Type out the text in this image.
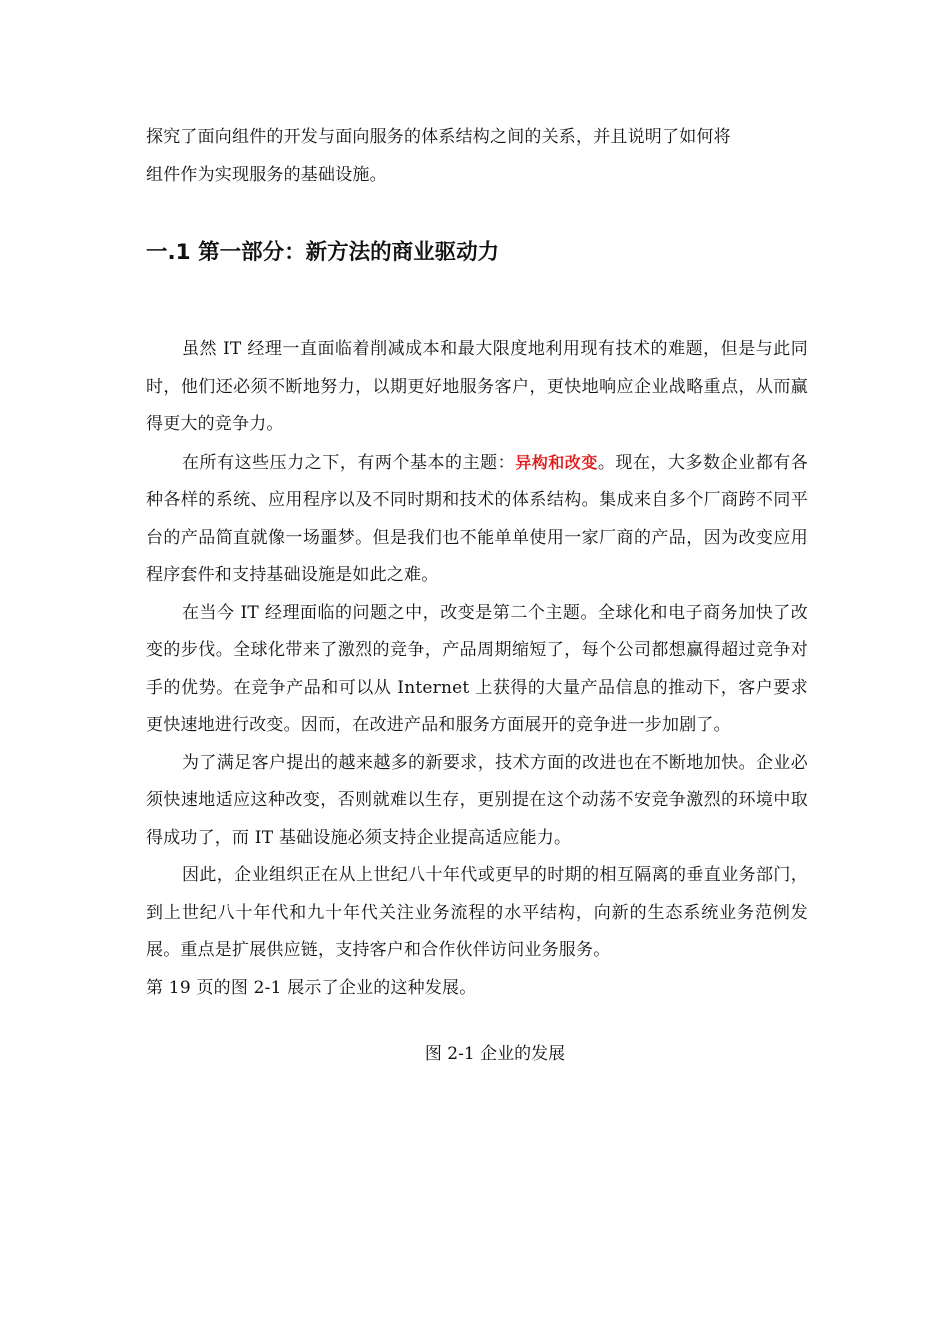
探究了面向组件的开发与面向服务的体系结构之间的关系，并且说明了如何将
组件作为实现服务的基础设施。
一.1 第一部分：新方法的商业驱动力

虽然 IT 经理一直面临着削减成本和最大限度地利用现有技术的难题，但是与此同时，他们还必须不断地努力，以期更好地服务客户，更快地响应企业战略重点，从而赢得更大的竞争力。

在所有这些压力之下，有两个基本的主题：异构和改变。现在，大多数企业都有各种各样的系统、应用程序以及不同时期和技术的体系结构。集成来自多个厂商跨不同平台的产品简直就像一场噩梦。但是我们也不能单单使用一家厂商的产品，因为改变应用程序套件和支持基础设施是如此之难。

在当今 IT 经理面临的问题之中，改变是第二个主题。全球化和电子商务加快了改变的步伐。全球化带来了激烈的竞争，产品周期缩短了，每个公司都想赢得超过竞争对手的优势。在竞争产品和可以从 Internet 上获得的大量产品信息的推动下，客户要求更快速地进行改变。因而，在改进产品和服务方面展开的竞争进一步加剧了。

为了满足客户提出的越来越多的新要求，技术方面的改进也在不断地加快。企业必须快速地适应这种改变，否则就难以生存，更别提在这个动荡不安竞争激烈的环境中取得成功了，而 IT 基础设施必须支持企业提高适应能力。

因此，企业组织正在从上世纪八十年代或更早的时期的相互隔离的垂直业务部门，到上世纪八十年代和九十年代关注业务流程的水平结构，向新的生态系统业务范例发展。重点是扩展供应链，支持客户和合作伙伴访问业务服务。

第 19 页的图 2-1 展示了企业的这种发展。

图 2-1 企业的发展
